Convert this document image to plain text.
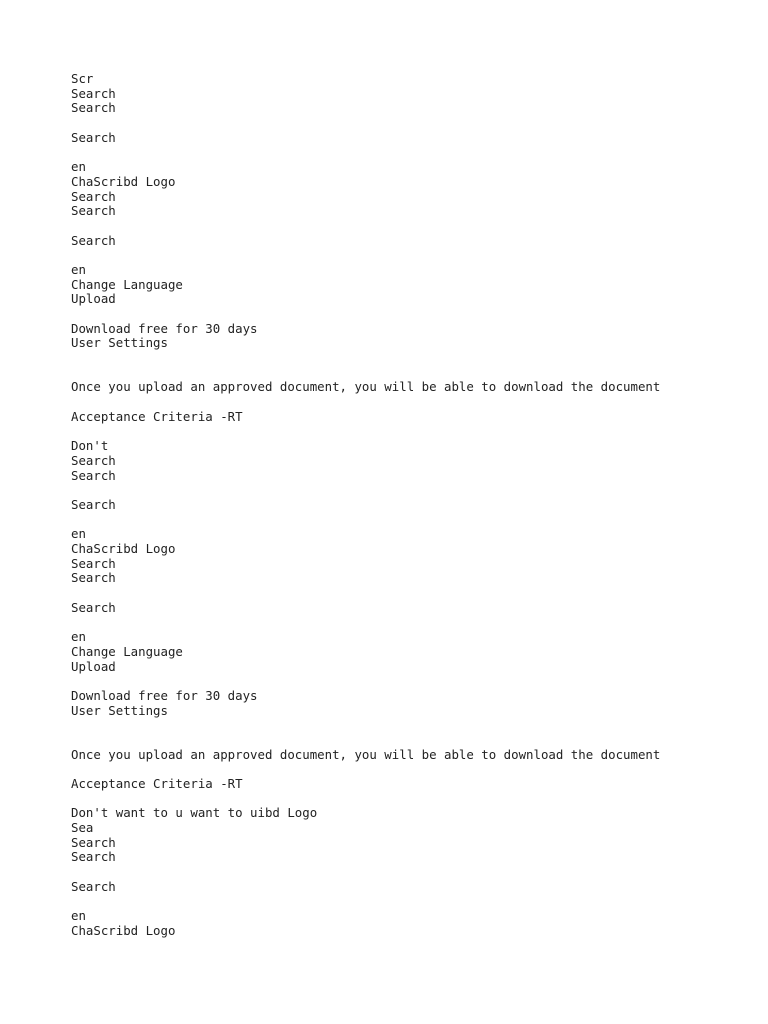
Scr
Search
Search
Search
en
ChaScribd Logo
Search
Search
Search
en
Change Language
Upload
Download free for 30 days
User Settings
Once you upload an approved document, you will be able to download the document
Acceptance Criteria -RT
Don't
Search
Search
Search
en
ChaScribd Logo
Search
Search
Search
en
Change Language
Upload
Download free for 30 days
User Settings
Once you upload an approved document, you will be able to download the document
Acceptance Criteria -RT
Don't want to u want to uibd Logo
Sea
Search
Search
Search
en
ChaScribd Logo
